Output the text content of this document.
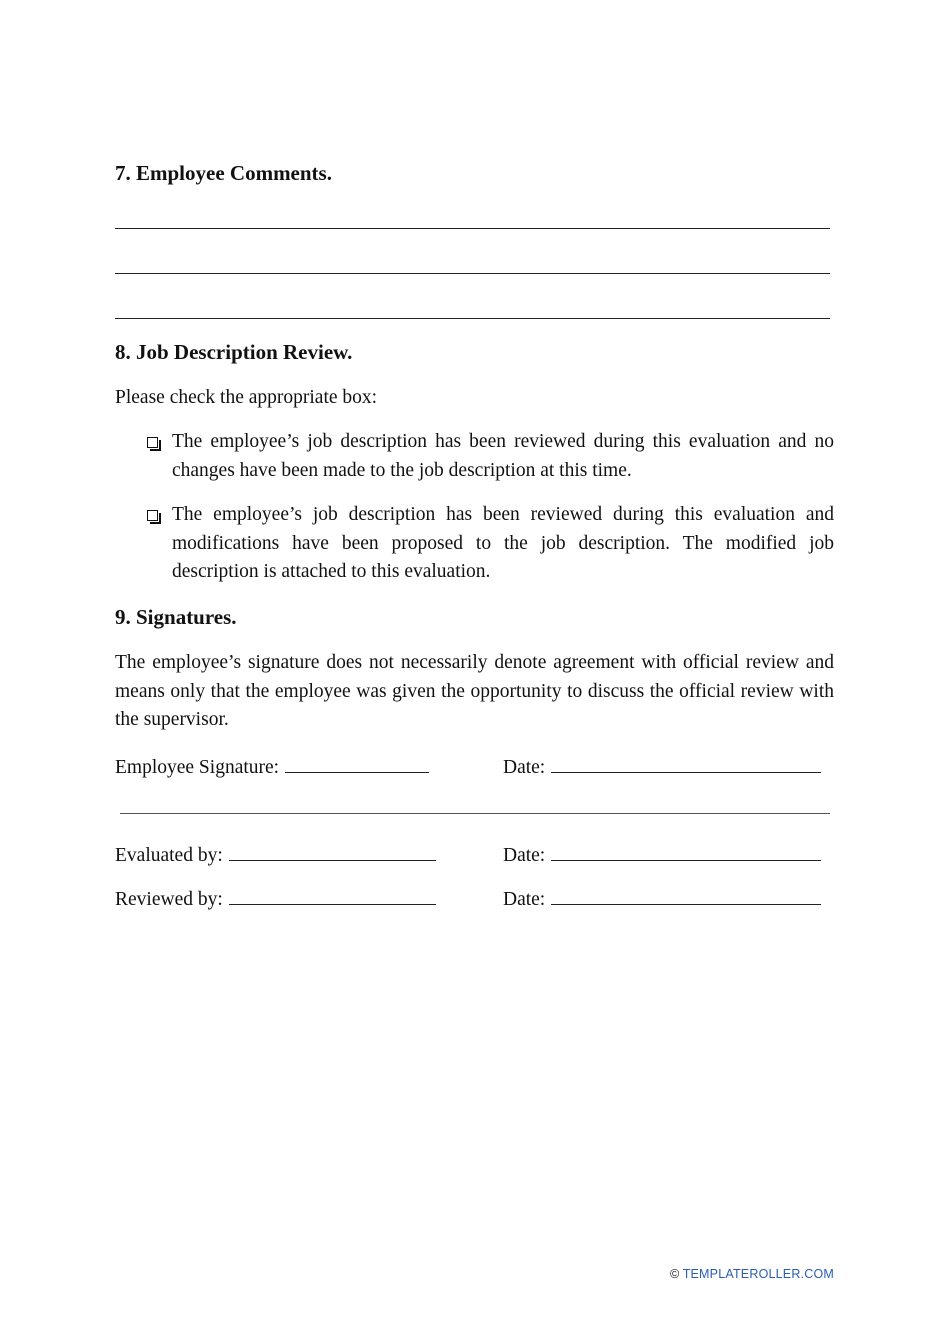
7. Employee Comments.
8. Job Description Review.

Please check the appropriate box:

The employee’s job description has been reviewed during this evaluation and no changes have been made to the job description at this time.
The employee’s job description has been reviewed during this evaluation and modifications have been proposed to the job description. The modified job description is attached to this evaluation.
9. Signatures.

The employee’s signature does not necessarily denote agreement with official review and means only that the employee was given the opportunity to discuss the official review with the supervisor.

Employee Signature:	Date:
Evaluated by:	Date:
Reviewed by:	Date:
© TEMPLATEROLLER.COM
